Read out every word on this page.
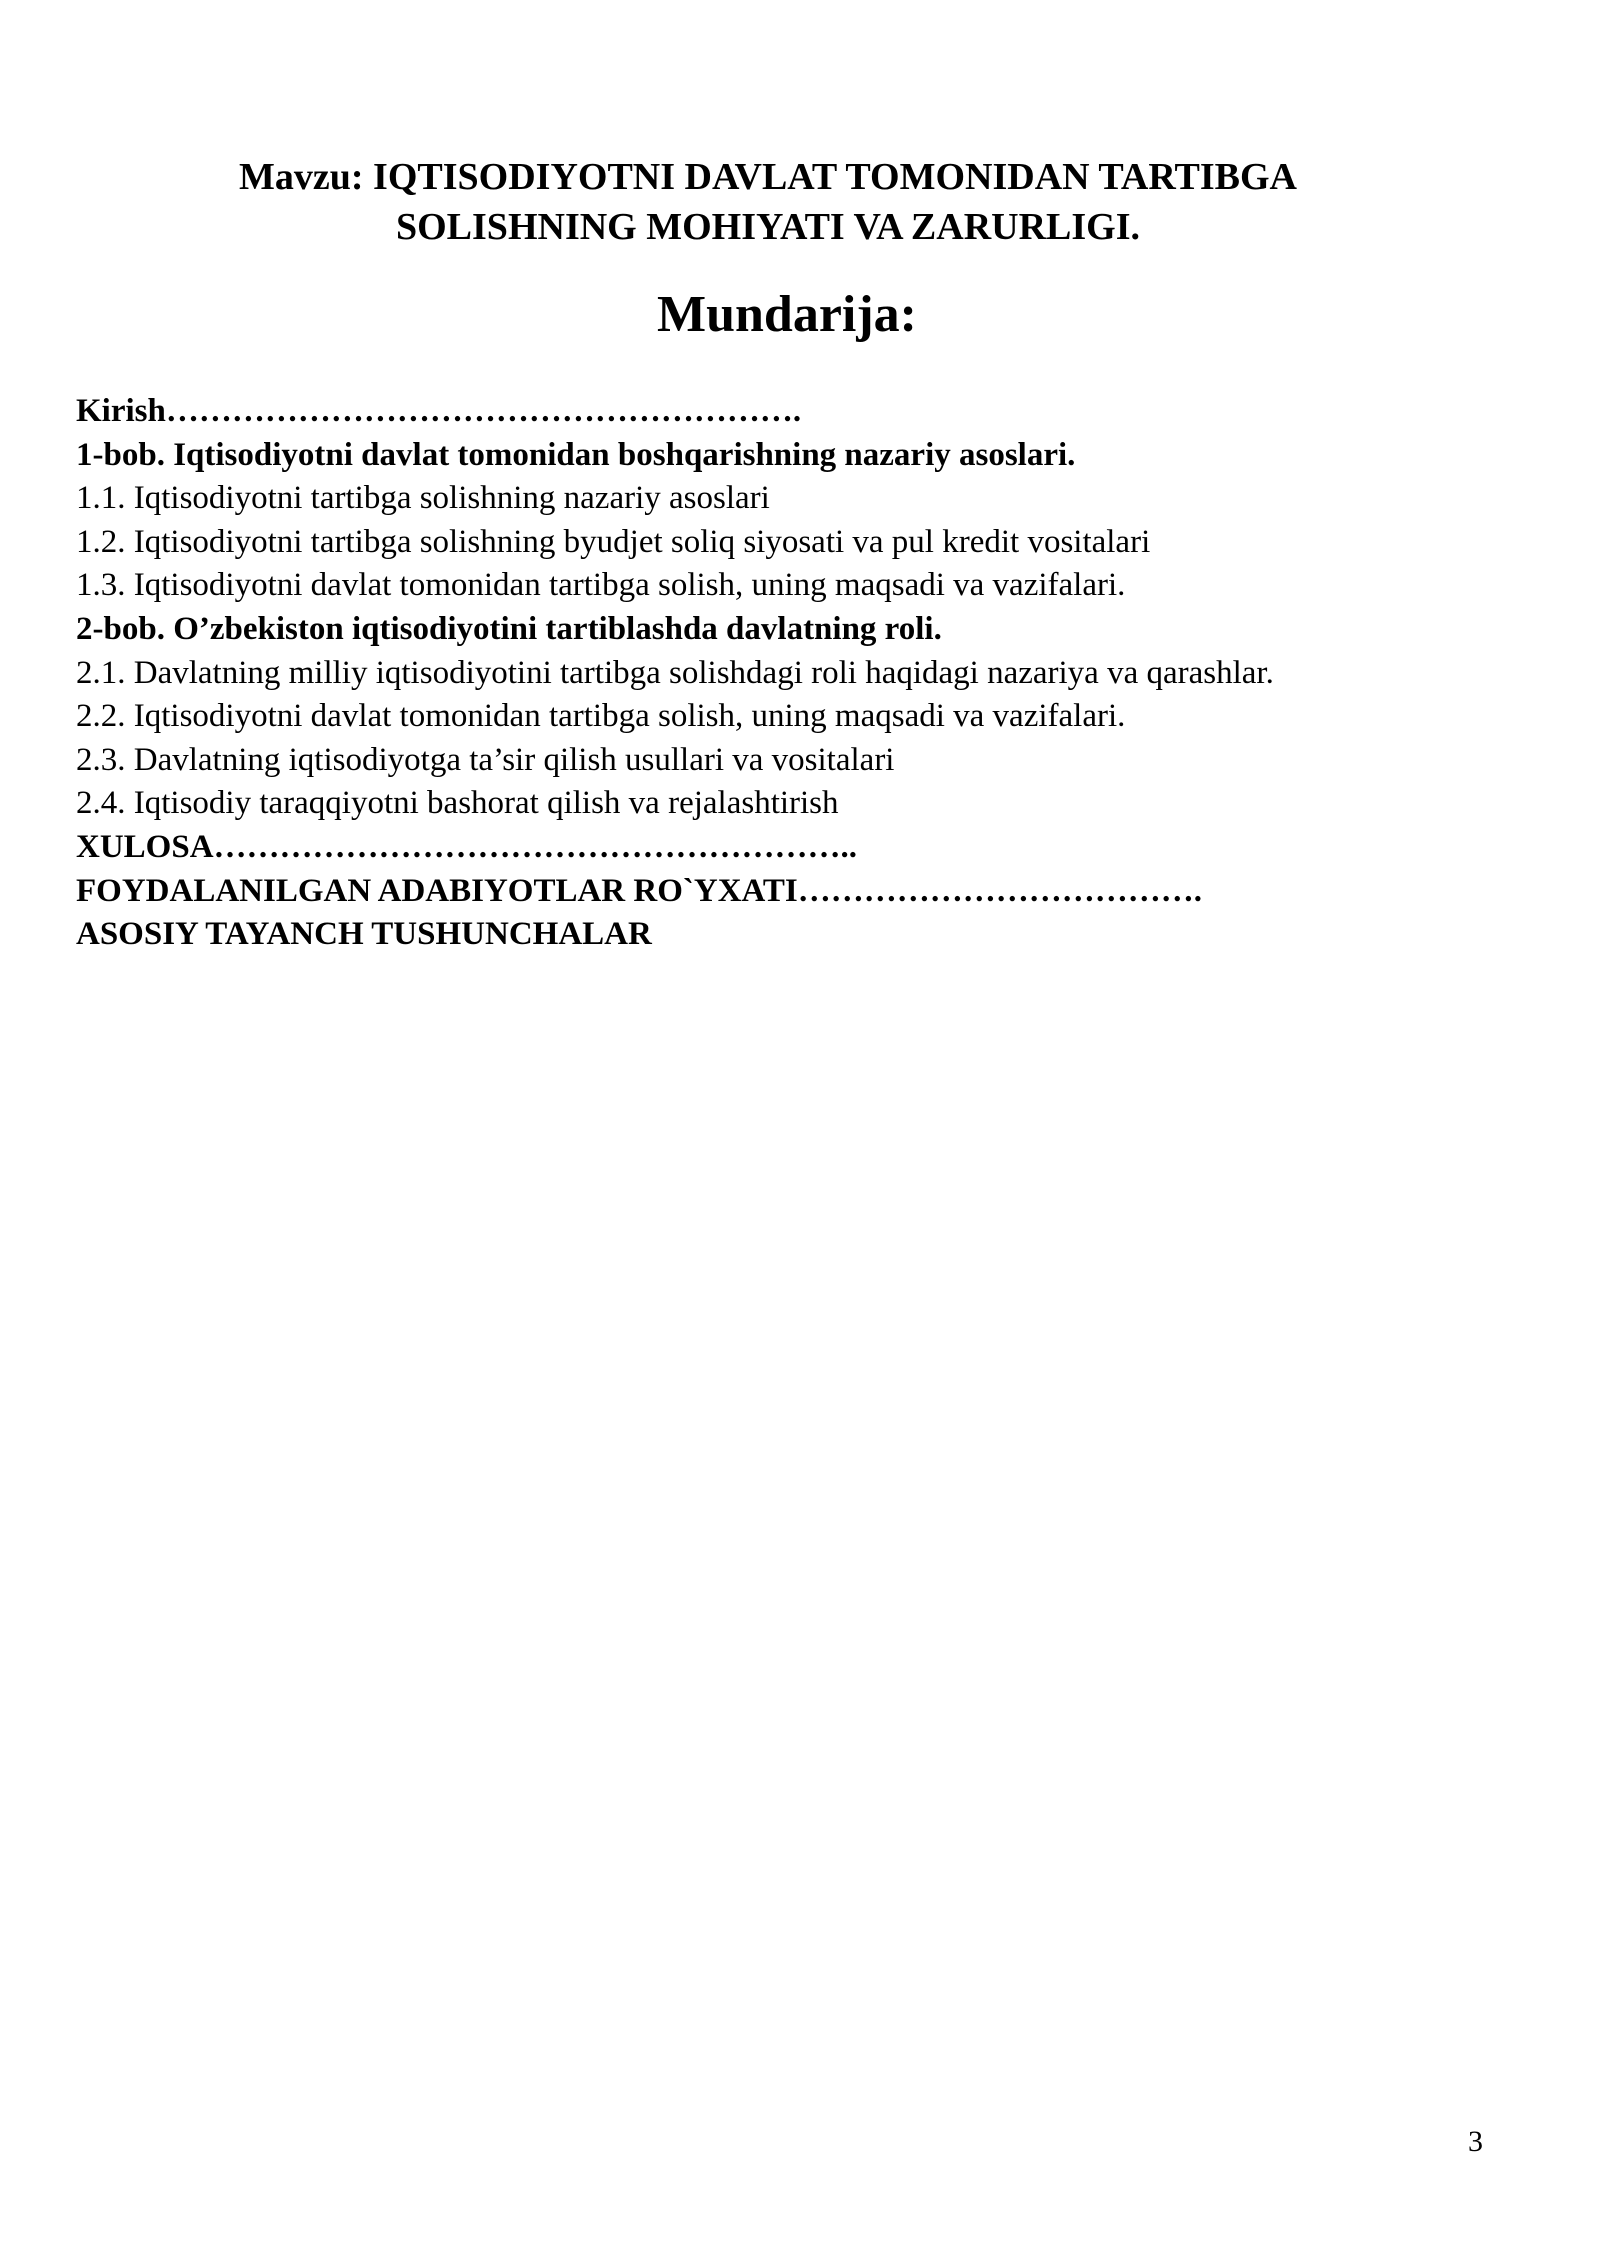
Mavzu: IQTISODIYOTNI DAVLAT TOMONIDAN TARTIBGA
SOLISHNING MOHIYATI VA ZARURLIGI.
Mundarija:
Kirish………………………………………………….
1-bob. Iqtisodiyotni davlat tomonidan boshqarishning nazariy asoslari.
1.1. Iqtisodiyotni tartibga solishning nazariy asoslari
1.2. Iqtisodiyotni tartibga solishning byudjet soliq siyosati va pul kredit vositalari
1.3. Iqtisodiyotni davlat tomonidan tartibga solish, uning maqsadi va vazifalari.
2-bob. O’zbekiston iqtisodiyotini tartiblashda davlatning roli.
2.1. Davlatning milliy iqtisodiyotini tartibga solishdagi roli haqidagi nazariya va qarashlar.
2.2. Iqtisodiyotni davlat tomonidan tartibga solish, uning maqsadi va vazifalari.
2.3. Davlatning iqtisodiyotga ta’sir qilish usullari va vositalari
2.4. Iqtisodiy taraqqiyotni bashorat qilish va rejalashtirish
XULOSA…………………………………………………..
FOYDALANILGAN ADABIYOTLAR RO`YXATI……………………………….
ASOSIY TAYANCH TUSHUNCHALAR
3
